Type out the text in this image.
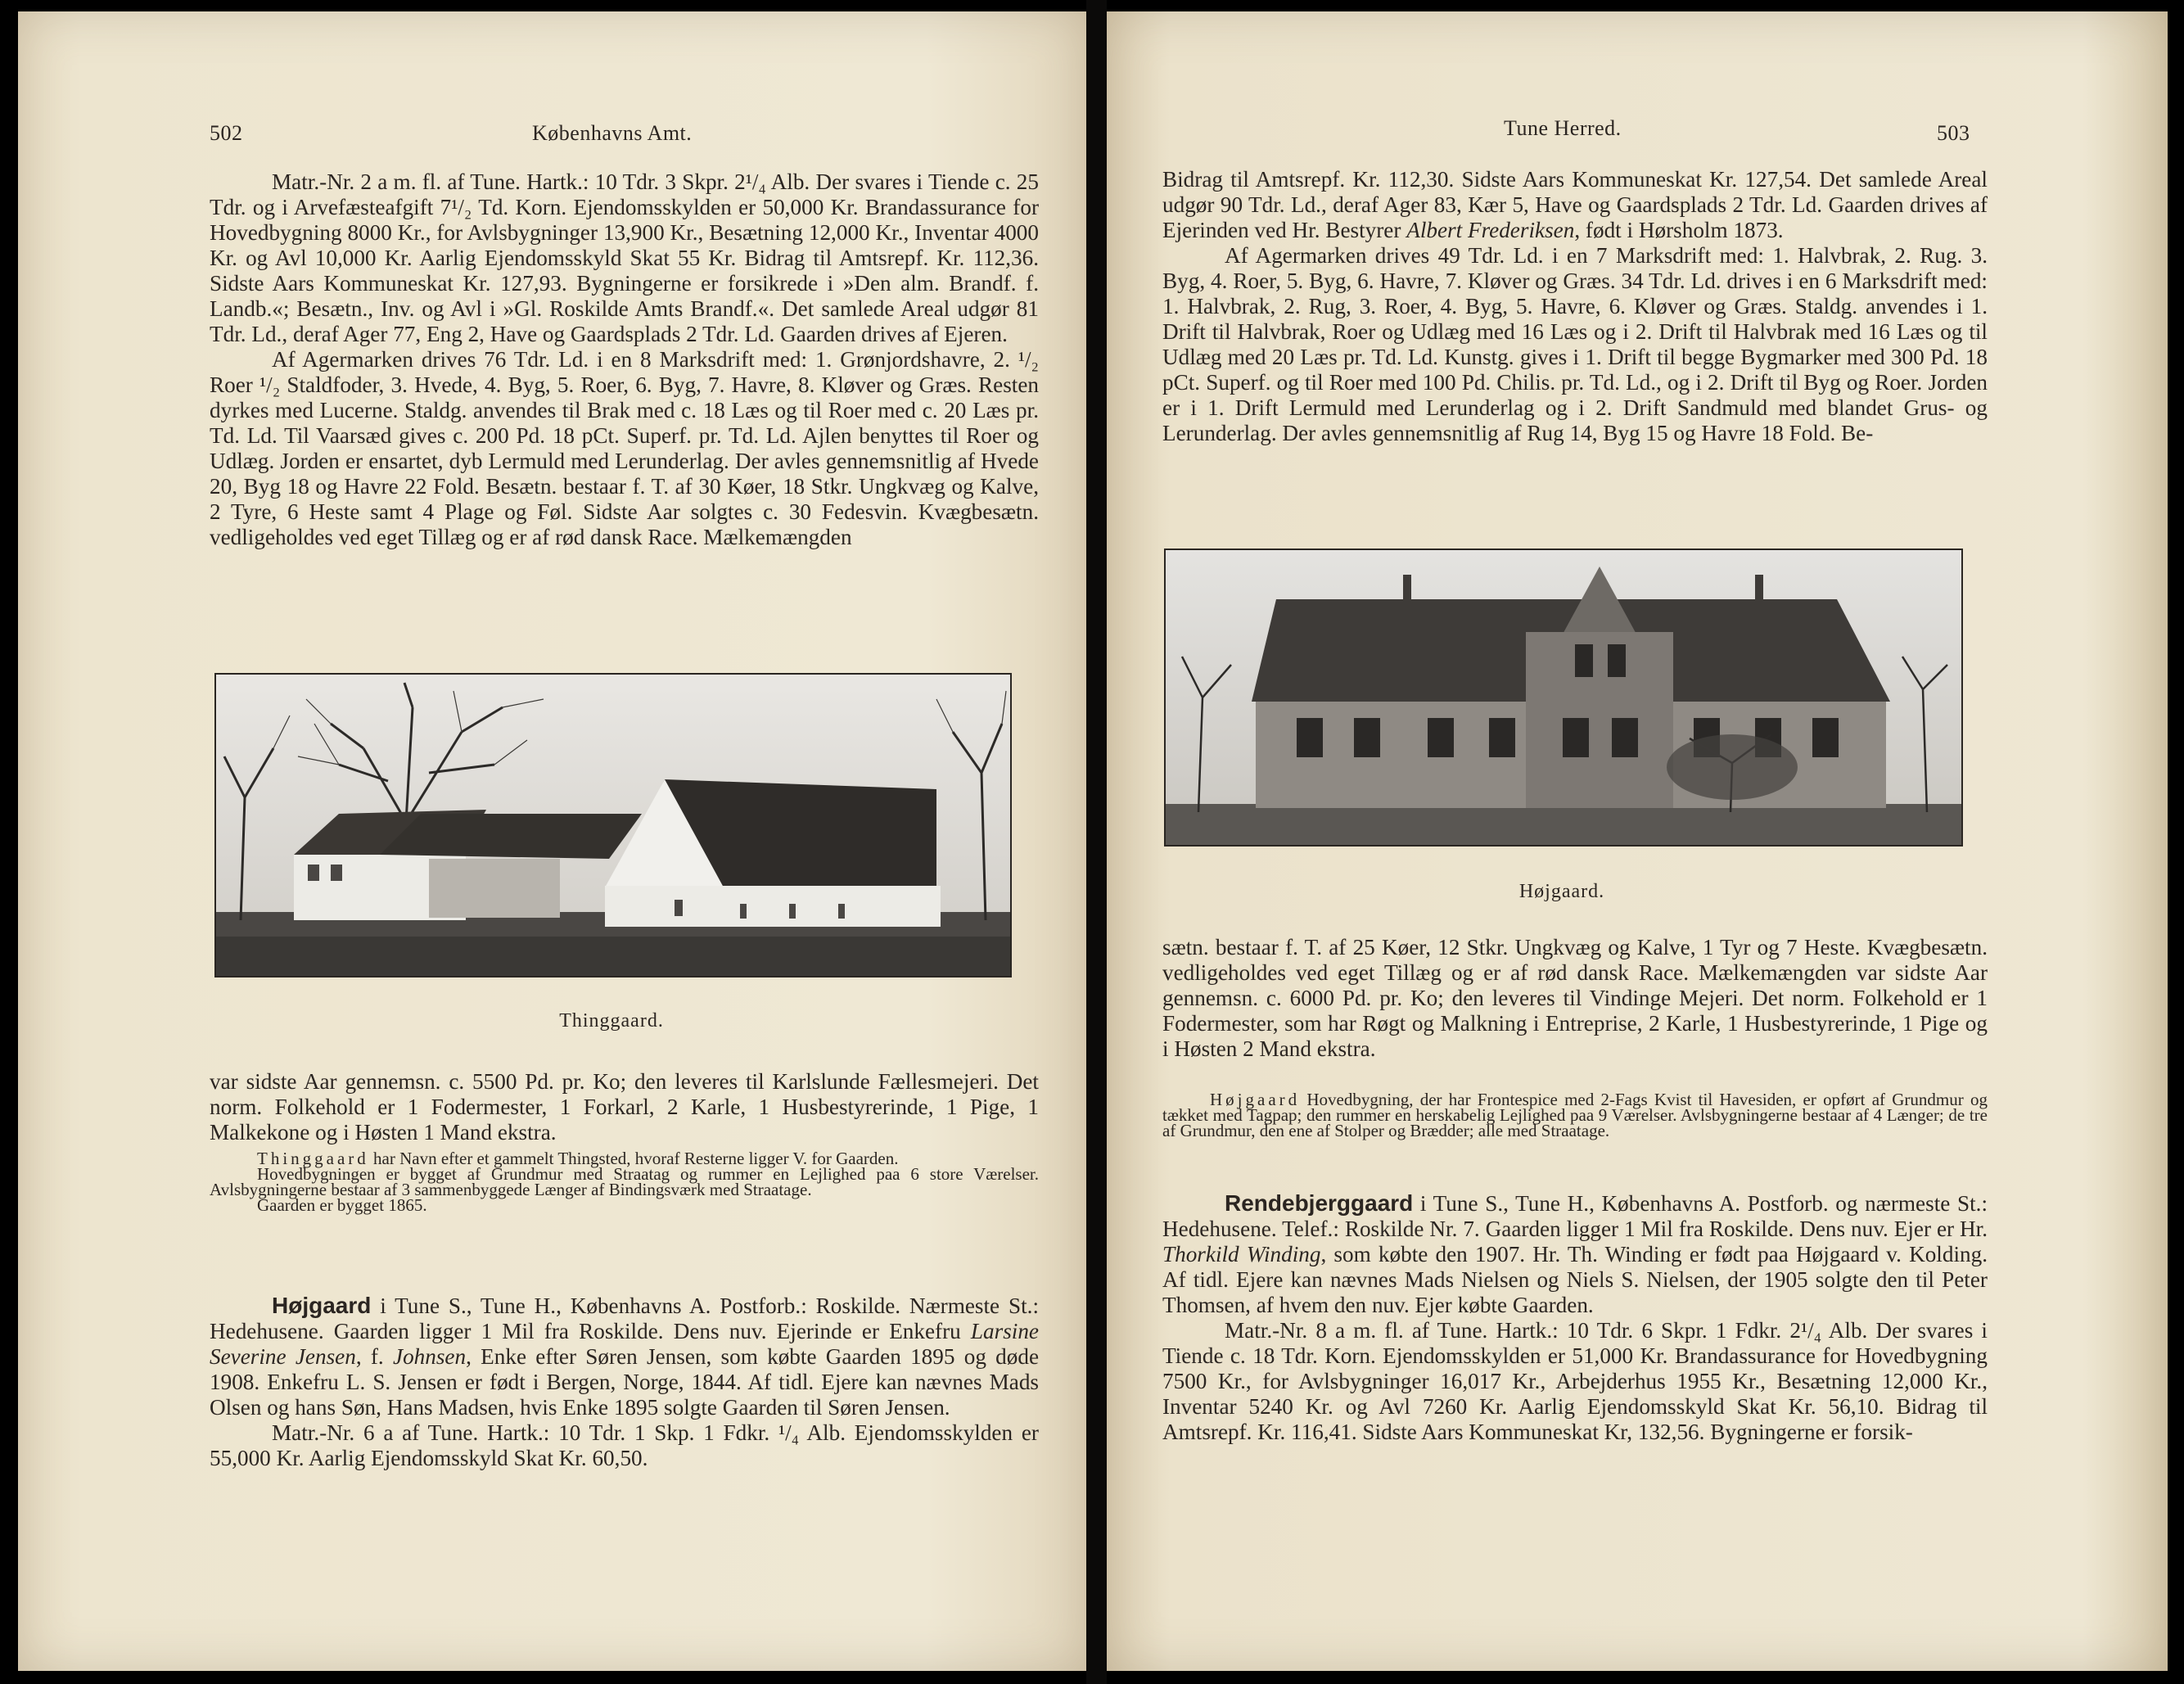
502	Københavns Amt.

Matr.-Nr. 2 a m. fl. af Tune. Hartk.: 10 Tdr. 3 Skpr. 2¹/₄ Alb. Der svares i Tiende c. 25 Tdr. og i Arvefæsteafgift 7¹/₂ Td. Korn. Ejendomsskylden er 50,000 Kr. Brandassurance for Hovedbygning 8000 Kr., for Avlsbygninger 13,900 Kr., Besætning 12,000 Kr., Inventar 4000 Kr. og Avl 10,000 Kr. Aarlig Ejendomsskyld Skat 55 Kr. Bidrag til Amtsrepf. Kr. 112,36. Sidste Aars Kommuneskat Kr. 127,93. Bygningerne er forsikrede i »Den alm. Brandf. f. Landb.«; Besætn., Inv. og Avl i »Gl. Roskilde Amts Brandf.«. Det samlede Areal udgør 81 Tdr. Ld., deraf Ager 77, Eng 2, Have og Gaardsplads 2 Tdr. Ld. Gaarden drives af Ejeren.

Af Agermarken drives 76 Tdr. Ld. i en 8 Marksdrift med: 1. Grønjordshavre, 2. ¹/₂ Roer ¹/₂ Staldfoder, 3. Hvede, 4. Byg, 5. Roer, 6. Byg, 7. Havre, 8. Kløver og Græs. Resten dyrkes med Lucerne. Staldg. anvendes til Brak med c. 18 Læs og til Roer med c. 20 Læs pr. Td. Ld. Til Vaarsæd gives c. 200 Pd. 18 pCt. Superf. pr. Td. Ld. Ajlen benyttes til Roer og Udlæg. Jorden er ensartet, dyb Lermuld med Lerunderlag. Der avles gennemsnitlig af Hvede 20, Byg 18 og Havre 22 Fold. Besætn. bestaar f. T. af 30 Køer, 18 Stkr. Ungkvæg og Kalve, 2 Tyre, 6 Heste samt 4 Plage og Føl. Sidste Aar solgtes c. 30 Fedesvin. Kvægbesætn. vedligeholdes ved eget Tillæg og er af rød dansk Race. Mælkemængden

Thinggaard.

var sidste Aar gennemsn. c. 5500 Pd. pr. Ko; den leveres til Karlslunde Fællesmejeri. Det norm. Folkehold er 1 Fodermester, 1 Forkarl, 2 Karle, 1 Husbestyrerinde, 1 Pige, 1 Malkekone og i Høsten 1 Mand ekstra.

Thinggaard har Navn efter et gammelt Thingsted, hvoraf Resterne ligger V. for Gaarden.

Hovedbygningen er bygget af Grundmur med Straatag og rummer en Lejlighed paa 6 store Værelser. Avlsbygningerne bestaar af 3 sammenbyggede Længer af Bindingsværk med Straatage.

Gaarden er bygget 1865.

Højgaard i Tune S., Tune H., Københavns A. Postforb.: Roskilde. Nærmeste St.: Hedehusene. Gaarden ligger 1 Mil fra Roskilde. Dens nuv. Ejerinde er Enkefru Larsine Severine Jensen, f. Johnsen, Enke efter Søren Jensen, som købte Gaarden 1895 og døde 1908. Enkefru L. S. Jensen er født i Bergen, Norge, 1844. Af tidl. Ejere kan nævnes Mads Olsen og hans Søn, Hans Madsen, hvis Enke 1895 solgte Gaarden til Søren Jensen.

Matr.-Nr. 6 a af Tune. Hartk.: 10 Tdr. 1 Skp. 1 Fdkr. ¹/₄ Alb. Ejendomsskylden er 55,000 Kr. Aarlig Ejendomsskyld Skat Kr. 60,50.

Tune Herred.	503

Bidrag til Amtsrepf. Kr. 112,30. Sidste Aars Kommuneskat Kr. 127,54. Det samlede Areal udgør 90 Tdr. Ld., deraf Ager 83, Kær 5, Have og Gaardsplads 2 Tdr. Ld. Gaarden drives af Ejerinden ved Hr. Bestyrer Albert Frederiksen, født i Hørsholm 1873.

Af Agermarken drives 49 Tdr. Ld. i en 7 Marksdrift med: 1. Halvbrak, 2. Rug. 3. Byg, 4. Roer, 5. Byg, 6. Havre, 7. Kløver og Græs. 34 Tdr. Ld. drives i en 6 Marksdrift med: 1. Halvbrak, 2. Rug, 3. Roer, 4. Byg, 5. Havre, 6. Kløver og Græs. Staldg. anvendes i 1. Drift til Halvbrak, Roer og Udlæg med 16 Læs og i 2. Drift til Halvbrak med 16 Læs og til Udlæg med 20 Læs pr. Td. Ld. Kunstg. gives i 1. Drift til begge Bygmarker med 300 Pd. 18 pCt. Superf. og til Roer med 100 Pd. Chilis. pr. Td. Ld., og i 2. Drift til Byg og Roer. Jorden er i 1. Drift Lermuld med Lerunderlag og i 2. Drift Sandmuld med blandet Grus- og Lerunderlag. Der avles gennemsnitlig af Rug 14, Byg 15 og Havre 18 Fold. Be-

Højgaard.

sætn. bestaar f. T. af 25 Køer, 12 Stkr. Ungkvæg og Kalve, 1 Tyr og 7 Heste. Kvægbesætn. vedligeholdes ved eget Tillæg og er af rød dansk Race. Mælkemængden var sidste Aar gennemsn. c. 6000 Pd. pr. Ko; den leveres til Vindinge Mejeri. Det norm. Folkehold er 1 Fodermester, som har Røgt og Malkning i Entreprise, 2 Karle, 1 Husbestyrerinde, 1 Pige og i Høsten 2 Mand ekstra.

Højgaard Hovedbygning, der har Frontespice med 2-Fags Kvist til Havesiden, er opført af Grundmur og tækket med Tagpap; den rummer en herskabelig Lejlighed paa 9 Værelser. Avlsbygningerne bestaar af 4 Længer; de tre af Grundmur, den ene af Stolper og Brædder; alle med Straatage.

Rendebjerggaard i Tune S., Tune H., Københavns A. Postforb. og nærmeste St.: Hedehusene. Telef.: Roskilde Nr. 7. Gaarden ligger 1 Mil fra Roskilde. Dens nuv. Ejer er Hr. Thorkild Winding, som købte den 1907. Hr. Th. Winding er født paa Højgaard v. Kolding. Af tidl. Ejere kan nævnes Mads Nielsen og Niels S. Nielsen, der 1905 solgte den til Peter Thomsen, af hvem den nuv. Ejer købte Gaarden.

Matr.-Nr. 8 a m. fl. af Tune. Hartk.: 10 Tdr. 6 Skpr. 1 Fdkr. 2¹/₄ Alb. Der svares i Tiende c. 18 Tdr. Korn. Ejendomsskylden er 51,000 Kr. Brandassurance for Hovedbygning 7500 Kr., for Avlsbygninger 16,017 Kr., Arbejderhus 1955 Kr., Besætning 12,000 Kr., Inventar 5240 Kr. og Avl 7260 Kr. Aarlig Ejendomsskyld Skat Kr. 56,10. Bidrag til Amtsrepf. Kr. 116,41. Sidste Aars Kommuneskat Kr, 132,56. Bygningerne er forsik-
